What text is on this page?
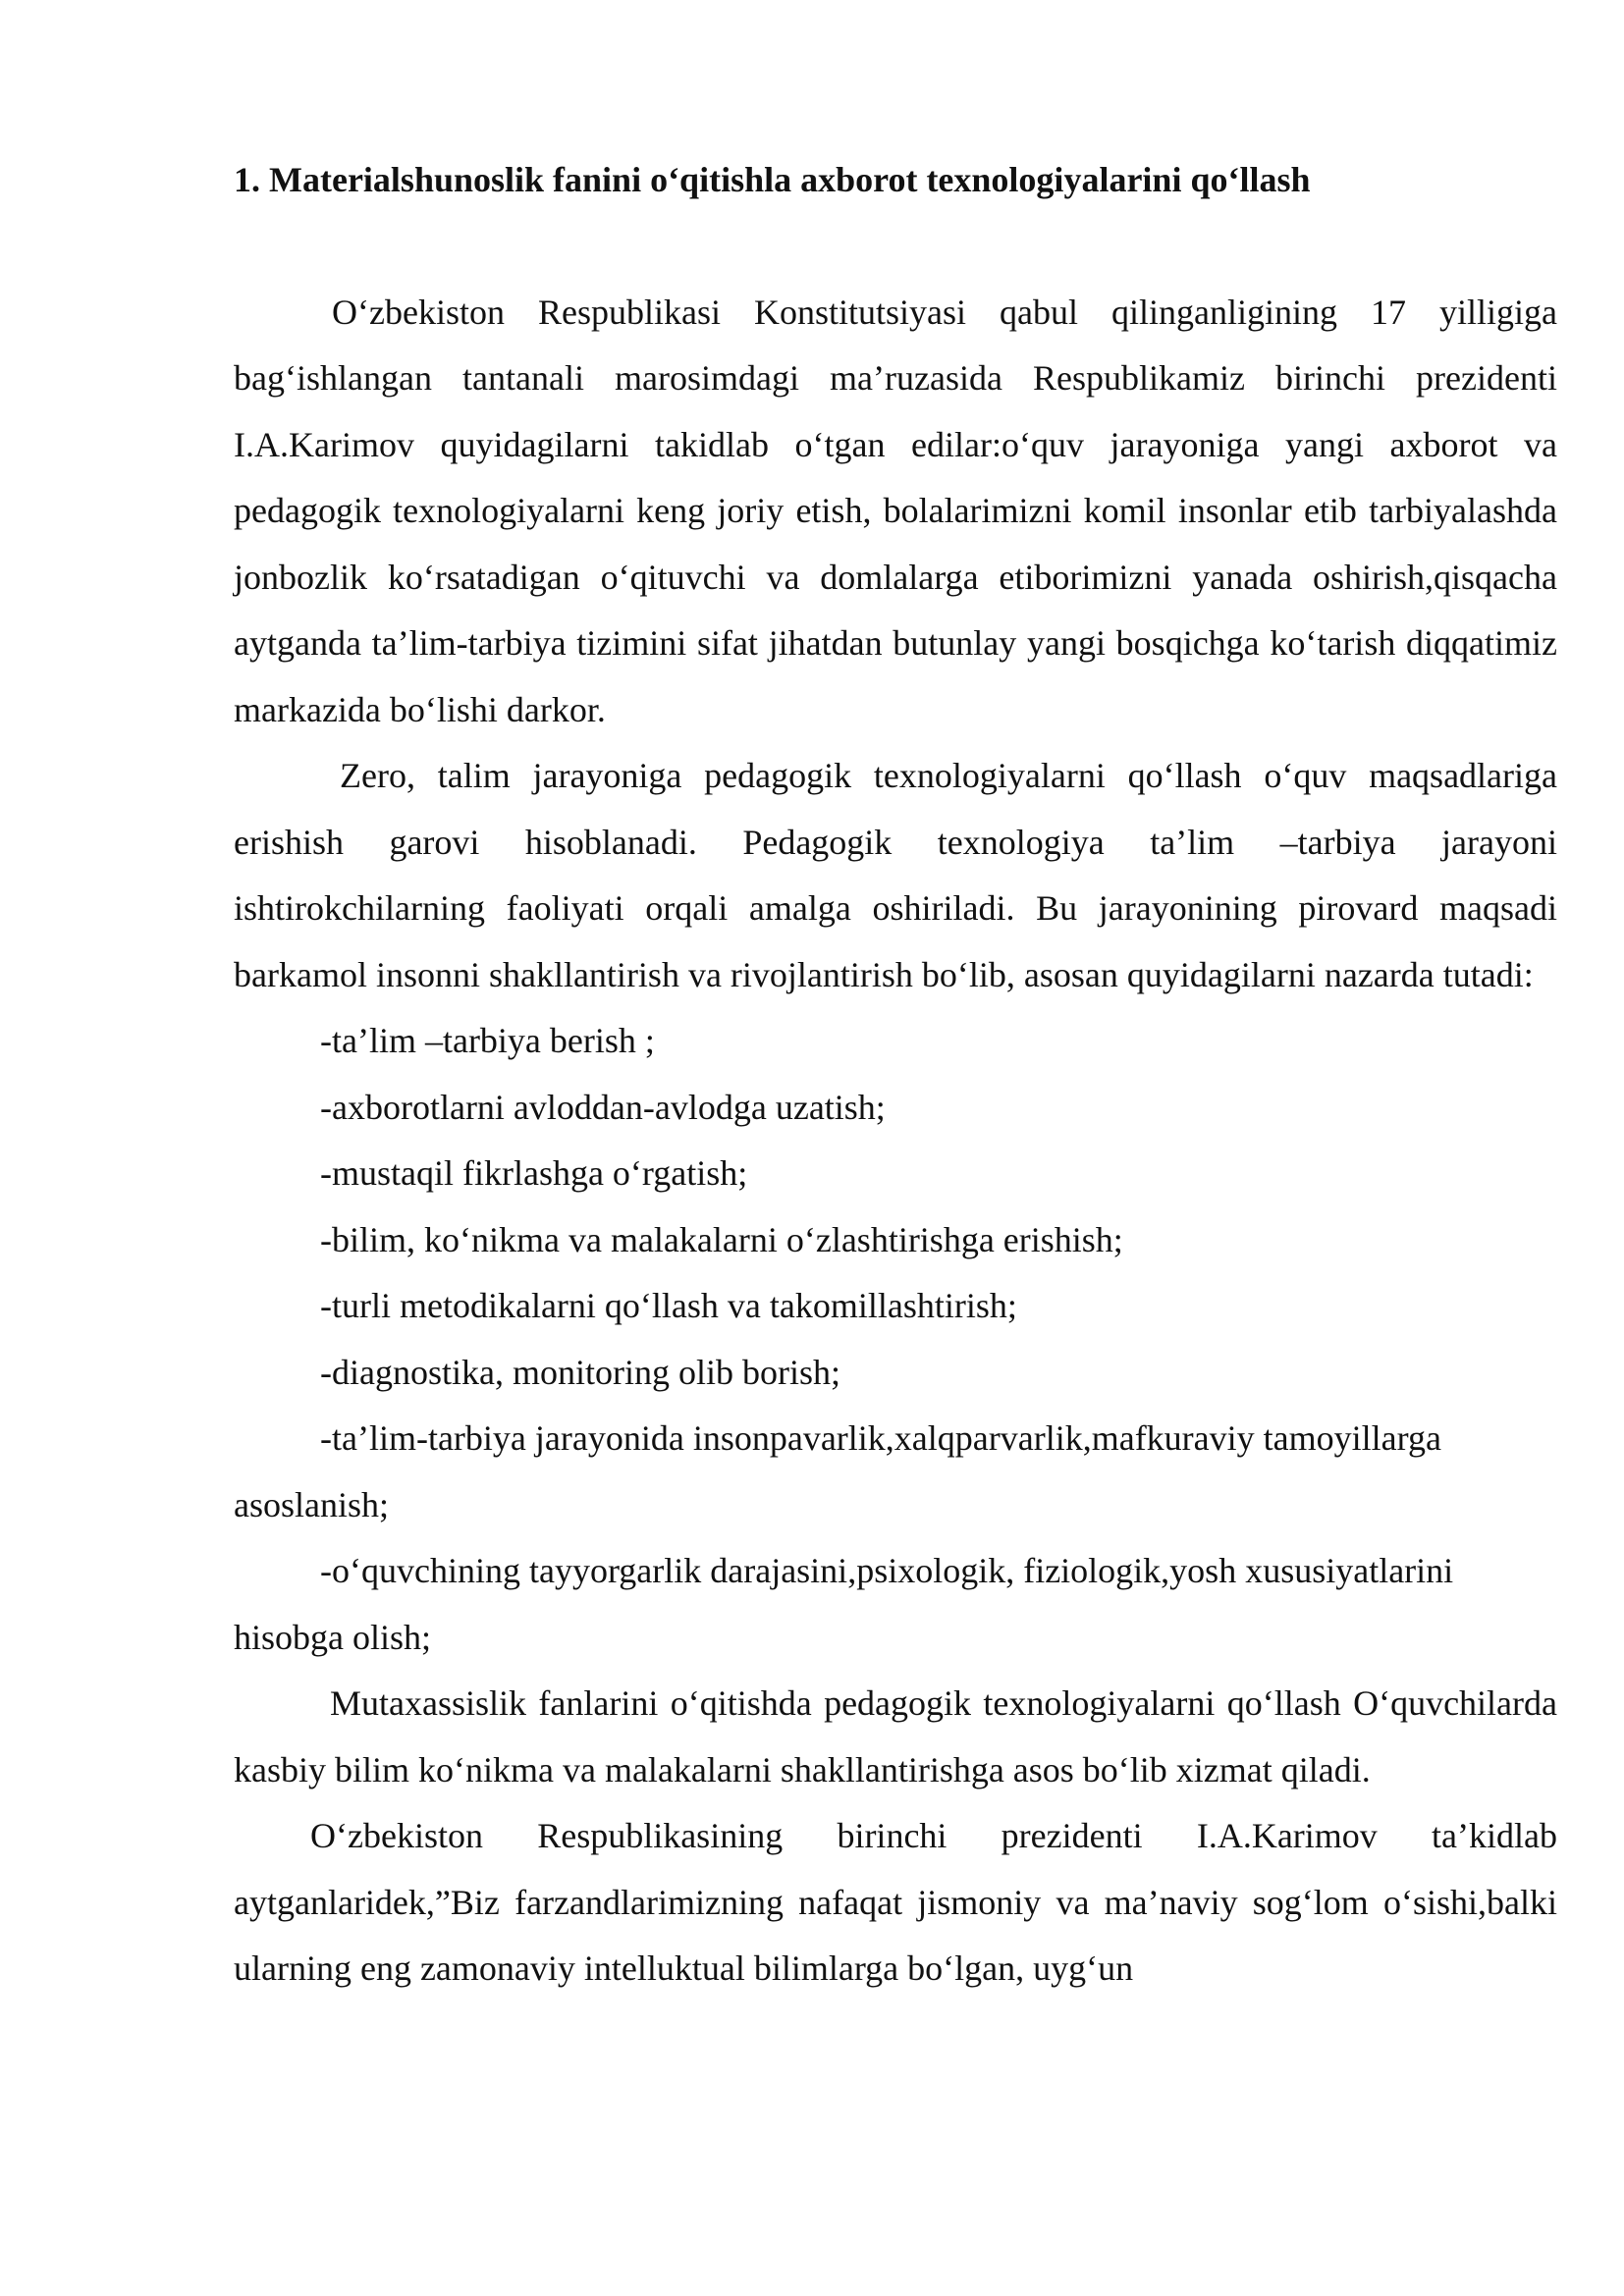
1. Materialshunoslik fanini o‘qitishla axborot texnologiyalarini qo‘llash

O‘zbekiston Respublikasi Konstitutsiyasi qabul qilinganligining 17 yilligiga bag‘ishlangan tantanali marosimdagi ma’ruzasida Respublikamiz birinchi prezidenti I.A.Karimov quyidagilarni takidlab o‘tgan edilar:o‘quv jarayoniga yangi axborot va pedagogik texnologiyalarni keng joriy etish, bolalarimizni komil insonlar etib tarbiyalashda jonbozlik ko‘rsatadigan o‘qituvchi va domlalarga etiborimizni yanada oshirish,qisqacha aytganda ta’lim-tarbiya tizimini sifat jihatdan butunlay yangi bosqichga ko‘tarish diqqatimiz markazida bo‘lishi darkor.

Zero, talim jarayoniga pedagogik texnologiyalarni qo‘llash o‘quv maqsadlariga erishish garovi hisoblanadi. Pedagogik texnologiya ta’lim –tarbiya jarayoni ishtirokchilarning faoliyati orqali amalga oshiriladi. Bu jarayonining pirovard maqsadi barkamol insonni shakllantirish va rivojlantirish bo‘lib, asosan quyidagilarni nazarda tutadi:

-ta’lim –tarbiya berish ;

-axborotlarni avloddan-avlodga uzatish;

-mustaqil fikrlashga o‘rgatish;

-bilim, ko‘nikma va malakalarni o‘zlashtirishga erishish;

-turli metodikalarni qo‘llash va takomillashtirish;

-diagnostika, monitoring olib borish;

-ta’lim-tarbiya jarayonida insonpavarlik,xalqparvarlik,mafkuraviy tamoyillarga asoslanish;

-o‘quvchining tayyorgarlik darajasini,psixologik, fiziologik,yosh xususiyatlarini hisobga olish;

Mutaxassislik fanlarini o‘qitishda pedagogik texnologiyalarni qo‘llash O‘quvchilarda kasbiy bilim ko‘nikma va malakalarni shakllantirishga asos bo‘lib xizmat qiladi.

O‘zbekiston Respublikasining birinchi prezidenti I.A.Karimov ta’kidlab aytganlaridek,”Biz farzandlarimizning nafaqat jismoniy va ma’naviy sog‘lom o‘sishi,balki ularning eng zamonaviy intelluktual bilimlarga bo‘lgan, uyg‘un
